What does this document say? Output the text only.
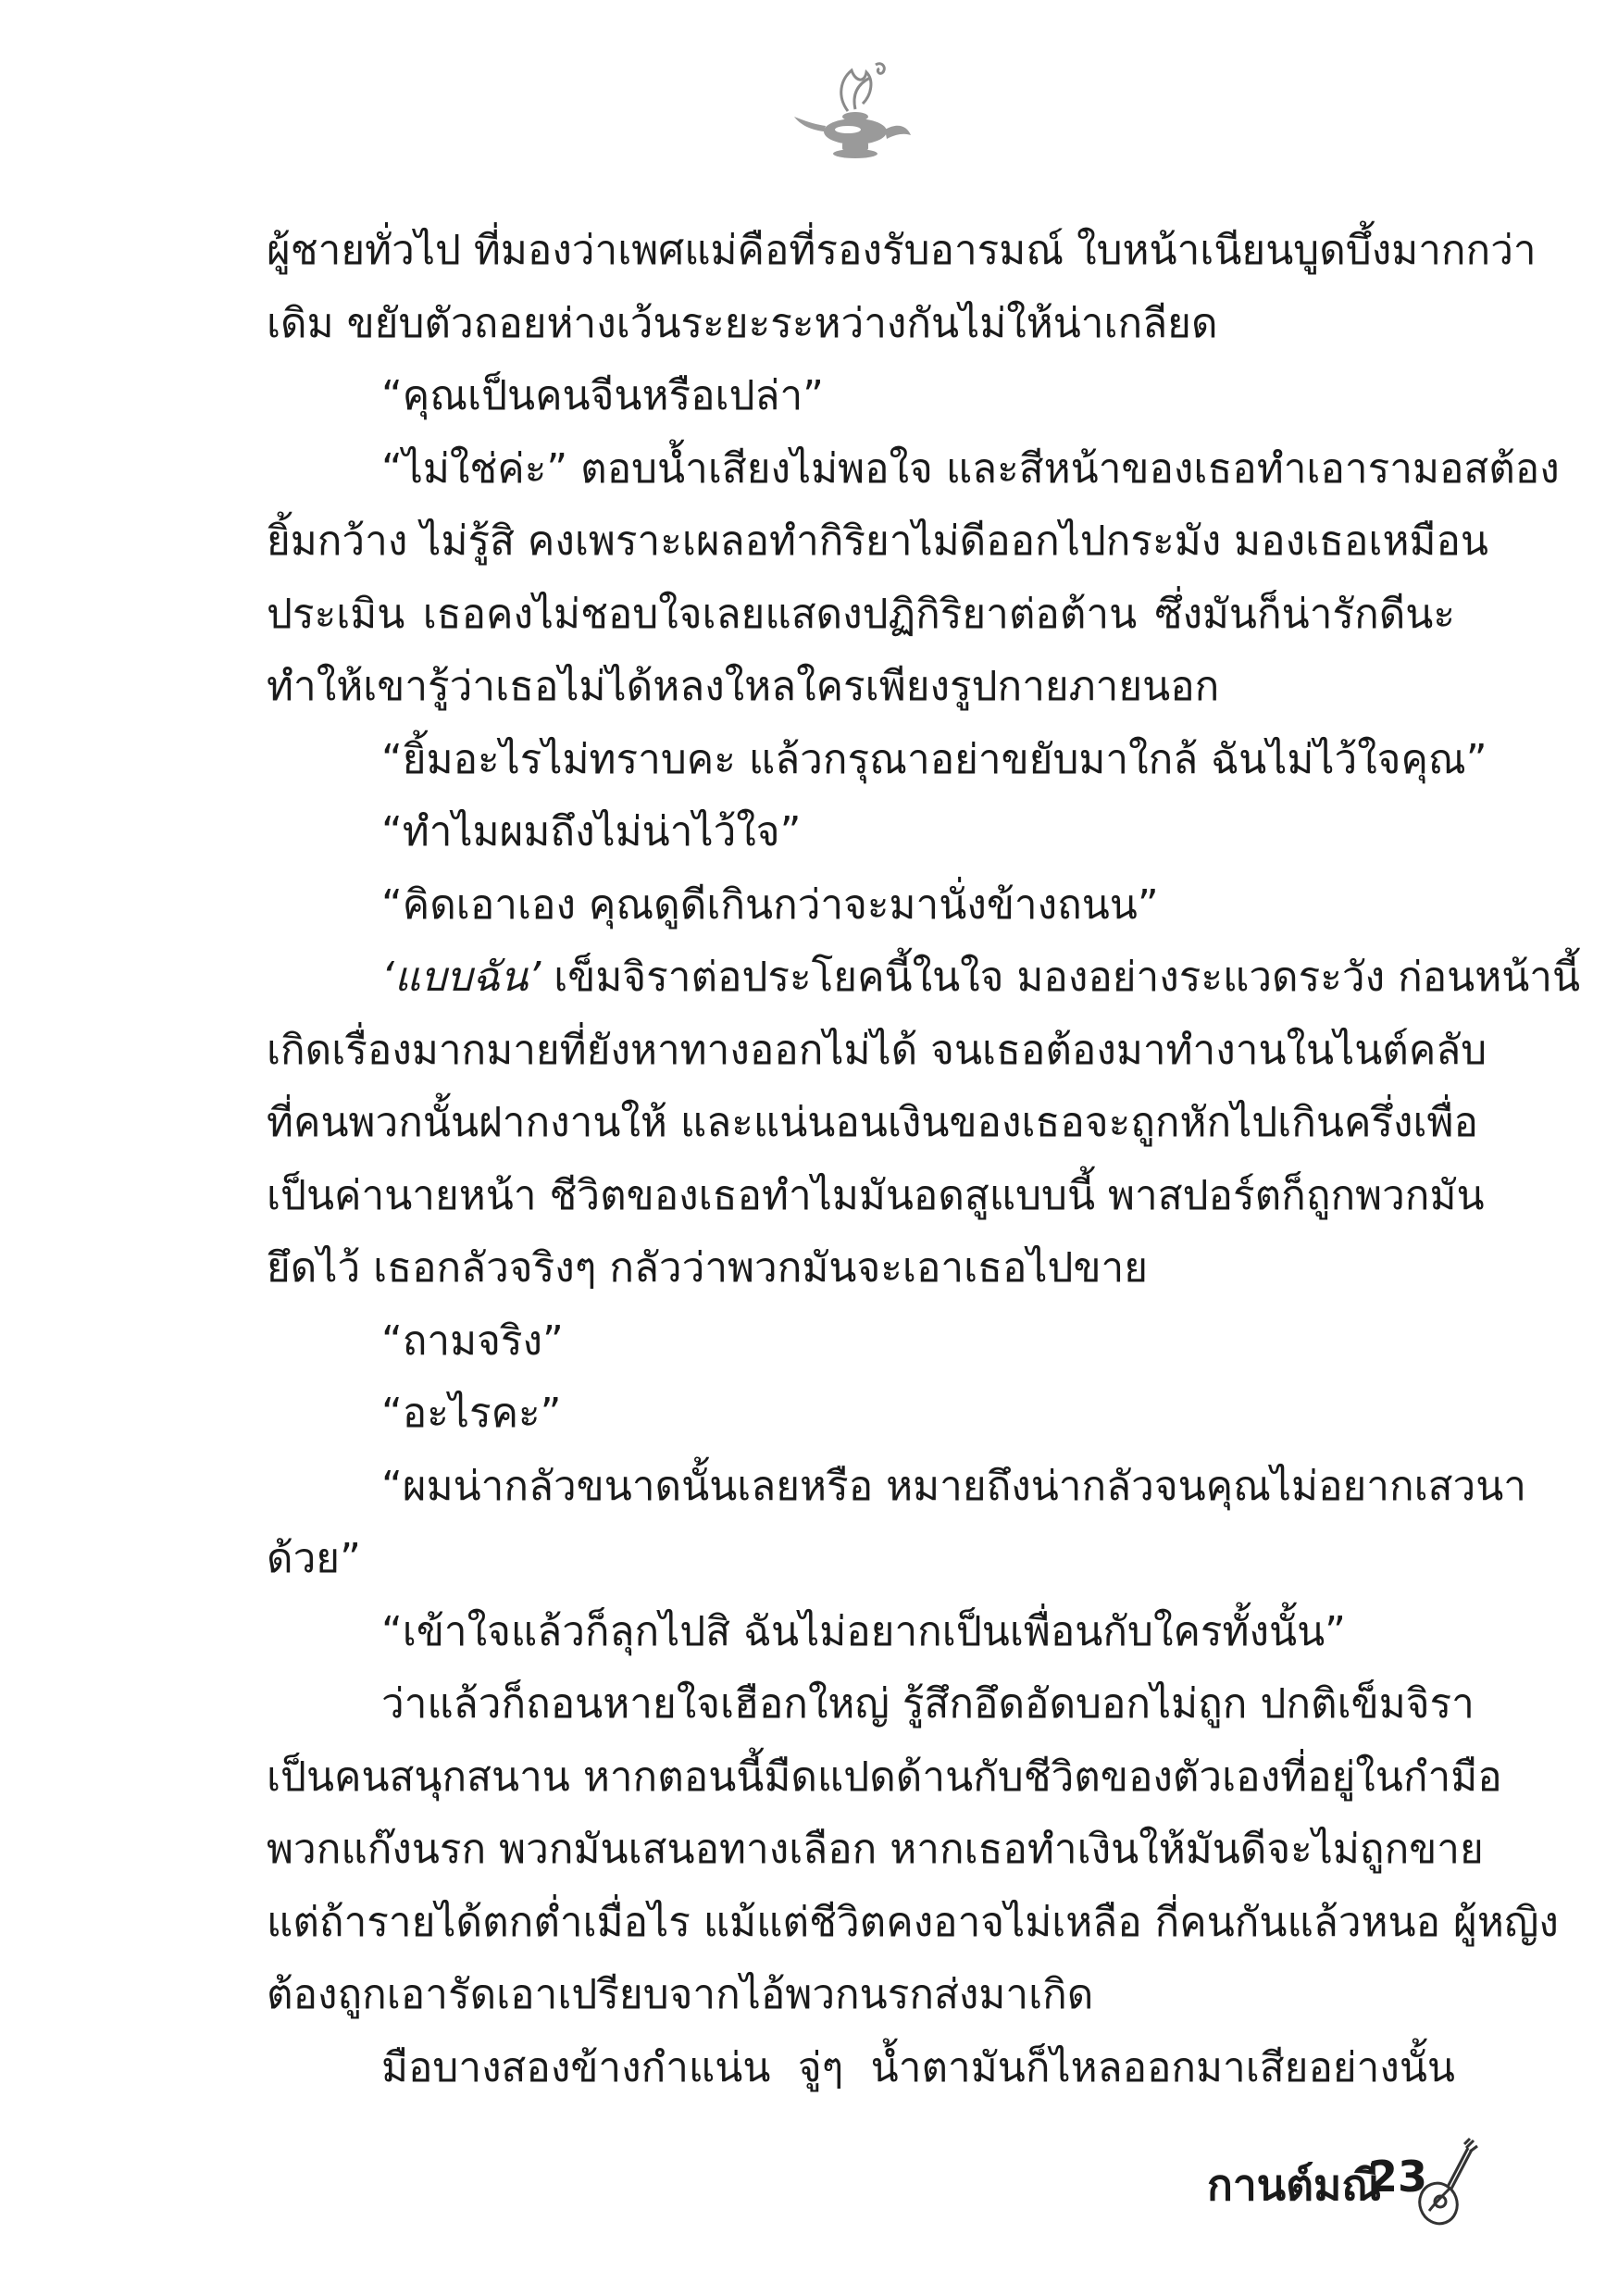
ผู้ชายทั่วไป ที่มองว่าเพศแม่คือที่รองรับอารมณ์ ใบหน้าเนียนบูดบึ้งมากกว่า
เดิม ขยับตัวถอยห่างเว้นระยะระหว่างกันไม่ให้น่าเกลียด
“คุณเป็นคนจีนหรือเปล่า”
“ไม่ใช่ค่ะ” ตอบน้ำเสียงไม่พอใจ และสีหน้าของเธอทำเอารามอสต้อง
ยิ้มกว้าง ไม่รู้สิ คงเพราะเผลอทำกิริยาไม่ดีออกไปกระมัง มองเธอเหมือน
ประเมิน เธอคงไม่ชอบใจเลยแสดงปฏิกิริยาต่อต้าน ซึ่งมันก็น่ารักดีนะ
ทำให้เขารู้ว่าเธอไม่ได้หลงใหลใครเพียงรูปกายภายนอก
“ยิ้มอะไรไม่ทราบคะ แล้วกรุณาอย่าขยับมาใกล้ ฉันไม่ไว้ใจคุณ”
“ทำไมผมถึงไม่น่าไว้ใจ”
“คิดเอาเอง คุณดูดีเกินกว่าจะมานั่งข้างถนน”
‘แบบฉัน’ เข็มจิราต่อประโยคนี้ในใจ มองอย่างระแวดระวัง ก่อนหน้านี้
เกิดเรื่องมากมายที่ยังหาทางออกไม่ได้ จนเธอต้องมาทำงานในไนต์คลับ
ที่คนพวกนั้นฝากงานให้ และแน่นอนเงินของเธอจะถูกหักไปเกินครึ่งเพื่อ
เป็นค่านายหน้า ชีวิตของเธอทำไมมันอดสูแบบนี้ พาสปอร์ตก็ถูกพวกมัน
ยึดไว้ เธอกลัวจริงๆ กลัวว่าพวกมันจะเอาเธอไปขาย
“ถามจริง”
“อะไรคะ”
“ผมน่ากลัวขนาดนั้นเลยหรือ หมายถึงน่ากลัวจนคุณไม่อยากเสวนา
ด้วย”
“เข้าใจแล้วก็ลุกไปสิ ฉันไม่อยากเป็นเพื่อนกับใครทั้งนั้น”
ว่าแล้วก็ถอนหายใจเฮือกใหญ่ รู้สึกอึดอัดบอกไม่ถูก ปกติเข็มจิรา
เป็นคนสนุกสนาน หากตอนนี้มืดแปดด้านกับชีวิตของตัวเองที่อยู่ในกำมือ
พวกแก๊งนรก พวกมันเสนอทางเลือก หากเธอทำเงินให้มันดีจะไม่ถูกขาย
แต่ถ้ารายได้ตกต่ำเมื่อไร แม้แต่ชีวิตคงอาจไม่เหลือ กี่คนกันแล้วหนอ ผู้หญิง
ต้องถูกเอารัดเอาเปรียบจากไอ้พวกนรกส่งมาเกิด
มือบางสองข้างกำแน่น จู่ๆ น้ำตามันก็ไหลออกมาเสียอย่างนั้น
กานต์มณี
23
